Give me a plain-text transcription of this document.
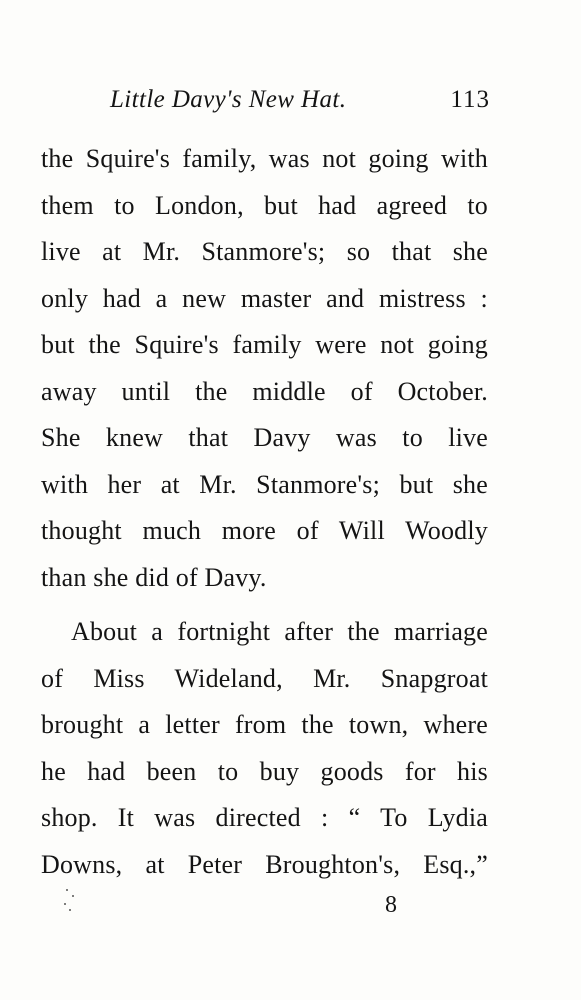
Little Davy's New Hat.	113
the Squire's family, was not going with
them to London, but had agreed to
live at Mr. Stanmore's; so that she
only had a new master and mistress :
but the Squire's family were not going
away until the middle of October.
She knew that Davy was to live
with her at Mr. Stanmore's; but she
thought much more of Will Woodly
than she did of Davy.
About a fortnight after the marriage
of Miss Wideland, Mr. Snapgroat
brought a letter from the town, where
he had been to buy goods for his
shop. It was directed : “ To Lydia
Downs, at Peter Broughton's, Esq.,”
8
